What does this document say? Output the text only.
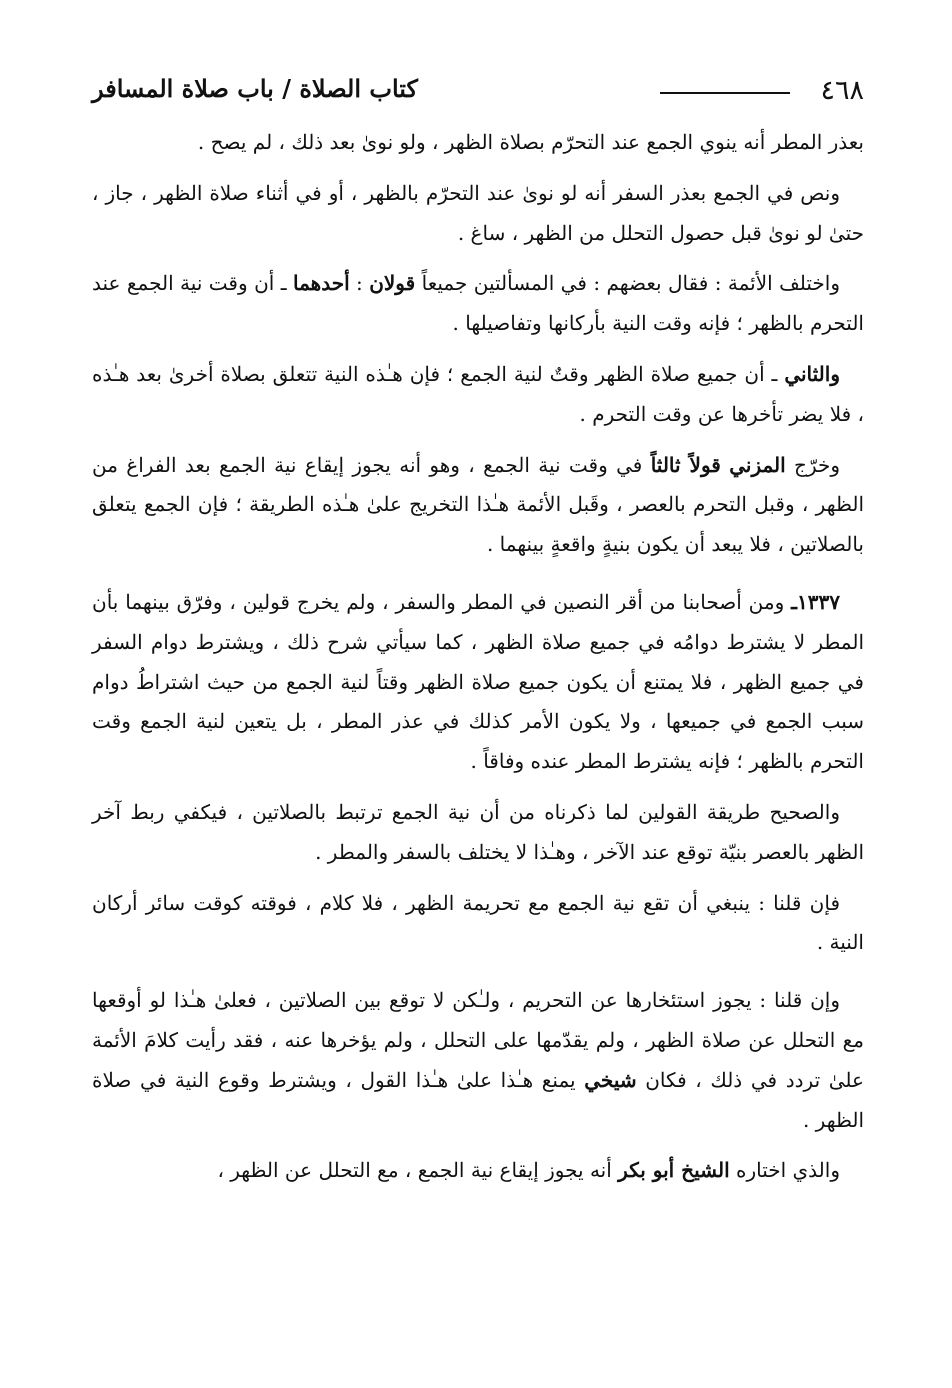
٤٦٨
كتاب الصلاة / باب صلاة المسافر

بعذر المطر أنه ينوي الجمع عند التحرّم بصلاة الظهر ، ولو نوىٰ بعد ذلك ، لم يصح .

ونص في الجمع بعذر السفر أنه لو نوىٰ عند التحرّم بالظهر ، أو في أثناء صلاة الظهر ، جاز ، حتىٰ لو نوىٰ قبل حصول التحلل من الظهر ، ساغ .

واختلف الأئمة : فقال بعضهم : في المسألتين جميعاً قولان : أحدهما ـ أن وقت نية الجمع عند التحرم بالظهر ؛ فإنه وقت النية بأركانها وتفاصيلها .

والثاني ـ أن جميع صلاة الظهر وقتٌ لنية الجمع ؛ فإن هـٰذه النية تتعلق بصلاة أخرىٰ بعد هـٰذه ، فلا يضر تأخرها عن وقت التحرم .

وخرّج المزني قولاً ثالثاً في وقت نية الجمع ، وهو أنه يجوز إيقاع نية الجمع بعد الفراغ من الظهر ، وقبل التحرم بالعصر ، وقَبل الأئمة هـٰذا التخريج علىٰ هـٰذه الطريقة ؛ فإن الجمع يتعلق بالصلاتين ، فلا يبعد أن يكون بنيةٍ واقعةٍ بينهما .

١٣٣٧ـ ومن أصحابنا من أقر النصين في المطر والسفر ، ولم يخرج قولين ، وفرّق بينهما بأن المطر لا يشترط دوامُه في جميع صلاة الظهر ، كما سيأتي شرح ذلك ، ويشترط دوام السفر في جميع الظهر ، فلا يمتنع أن يكون جميع صلاة الظهر وقتاً لنية الجمع من حيث اشتراطُ دوام سبب الجمع في جميعها ، ولا يكون الأمر كذلك في عذر المطر ، بل يتعين لنية الجمع وقت التحرم بالظهر ؛ فإنه يشترط المطر عنده وفاقاً .

والصحيح طريقة القولين لما ذكرناه من أن نية الجمع ترتبط بالصلاتين ، فيكفي ربط آخر الظهر بالعصر بنيّة توقع عند الآخر ، وهـٰذا لا يختلف بالسفر والمطر .

فإن قلنا : ينبغي أن تقع نية الجمع مع تحريمة الظهر ، فلا كلام ، فوقته كوقت سائر أركان النية .

وإن قلنا : يجوز استئخارها عن التحريم ، ولـٰكن لا توقع بين الصلاتين ، فعلىٰ هـٰذا لو أوقعها مع التحلل عن صلاة الظهر ، ولم يقدّمها على التحلل ، ولم يؤخرها عنه ، فقد رأيت كلامَ الأئمة علىٰ تردد في ذلك ، فكان شيخي يمنع هـٰذا علىٰ هـٰذا القول ، ويشترط وقوع النية في صلاة الظهر .

والذي اختاره الشيخ أبو بكر أنه يجوز إيقاع نية الجمع ، مع التحلل عن الظهر ،
